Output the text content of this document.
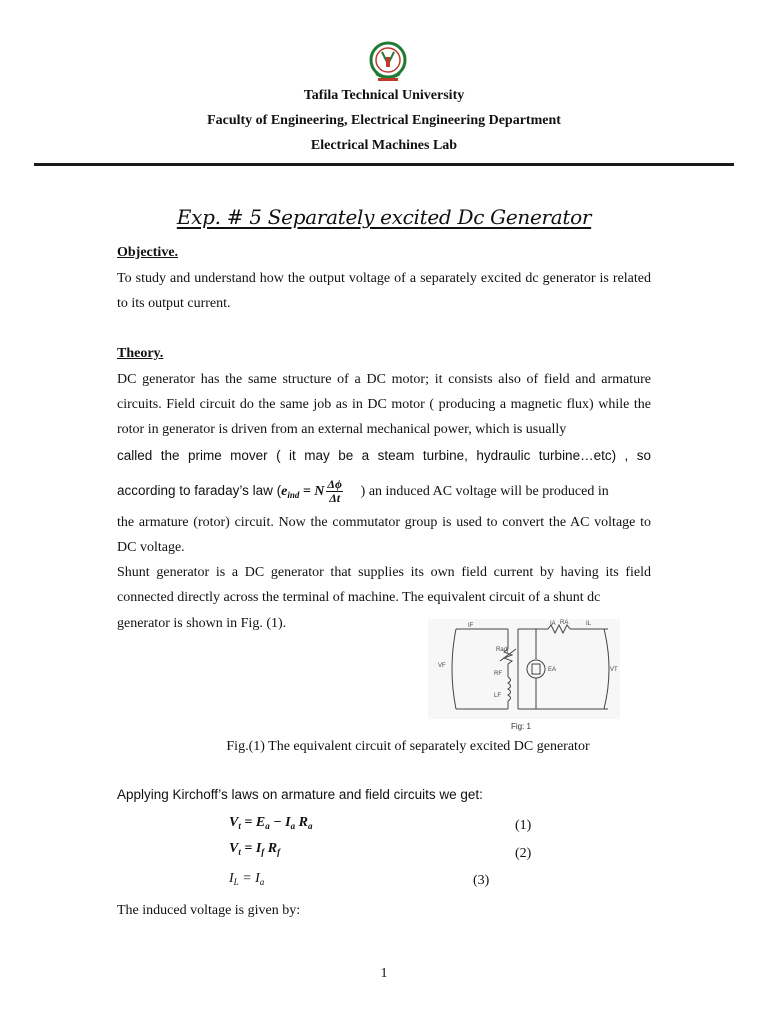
Tafila Technical University
Faculty of Engineering, Electrical Engineering Department
Electrical Machines Lab
Exp. # 5 Separately excited Dc Generator
Objective.
To study and understand how the output voltage of a separately excited dc generator is related to its output current.
Theory.
DC generator has the same structure of a DC motor; it consists also of field and armature circuits. Field circuit do the same job as in DC motor ( producing a magnetic flux) while the rotor in generator is driven from an external mechanical power, which is usually
called the prime mover ( it may be a steam turbine, hydraulic turbine…etc) , so
according to faraday’s law ($e_{ind} = N \frac{\Delta\phi}{\Delta t}$ ) an induced AC voltage will be produced in
the armature (rotor) circuit. Now the commutator group is used to convert the AC voltage to DC voltage.
Shunt generator is a DC generator that supplies its own field current by having its field connected directly across the terminal of machine. The equivalent circuit of a shunt dc
generator is shown in Fig. (1).	IF	IA RA	IL
VF
Radj
RF
LF
EA	VT
Fig: 1
Fig.(1) The equivalent circuit of separately excited DC generator
Applying Kirchoff’s laws on armature and field circuits we get:
$V_t = E_a - I_a$ $R_a$	(1)
$V_t = I_f$ $R_f$	(2)
$I_L = I_a$	(3)
The induced voltage is given by:
1
